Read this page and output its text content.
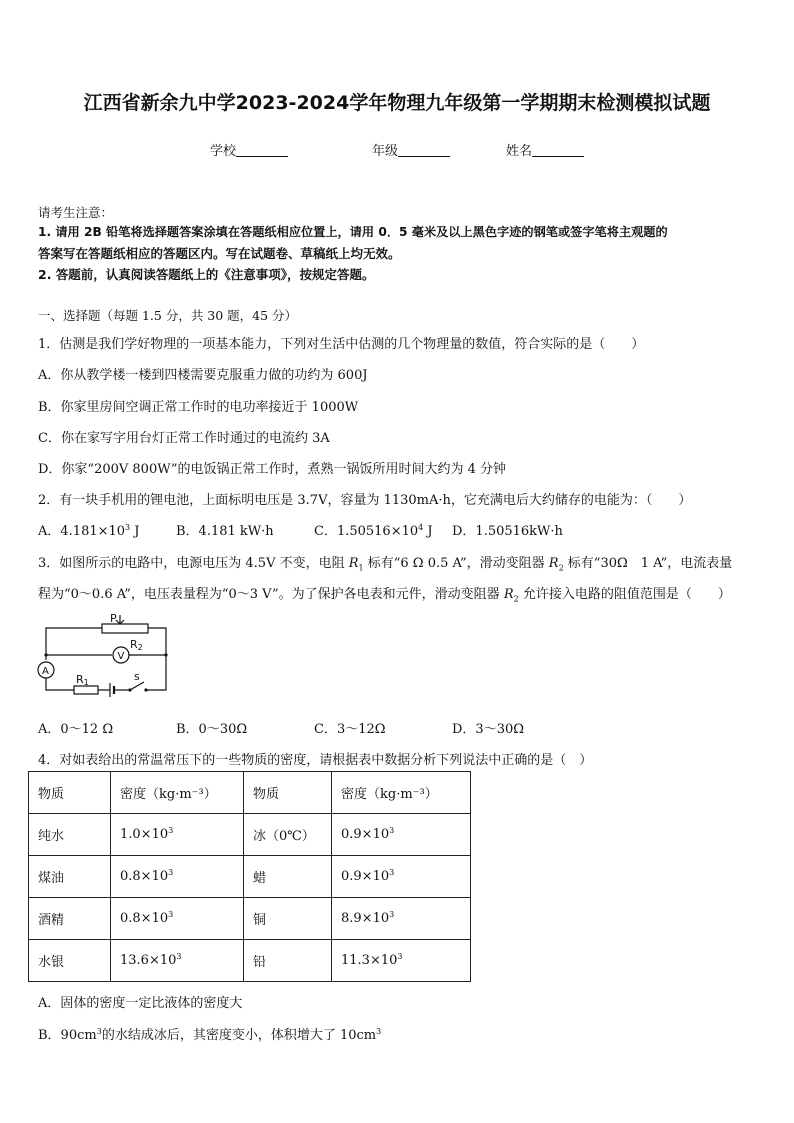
江西省新余九中学2023-2024学年物理九年级第一学期期末检测模拟试题
学校	年级	姓名
请考生注意：
1. 请用 2B 铅笔将选择题答案涂填在答题纸相应位置上，请用 0．5 毫米及以上黑色字迹的钢笔或签字笔将主观题的
答案写在答题纸相应的答题区内。写在试题卷、草稿纸上均无效。
2. 答题前，认真阅读答题纸上的《注意事项》，按规定答题。
一、选择题（每题 1.5 分，共 30 题，45 分）
1．估测是我们学好物理的一项基本能力，下列对生活中估测的几个物理量的数值，符合实际的是（　　）
A．你从教学楼一楼到四楼需要克服重力做的功约为 600J
B．你家里房间空调正常工作时的电功率接近于 1000W
C．你在家写字用台灯正常工作时通过的电流约 3A
D．你家“200V 800W”的电饭锅正常工作时，煮熟一锅饭所用时间大约为 4 分钟
2．有一块手机用的锂电池，上面标明电压是 3.7V，容量为 1130mA·h，它充满电后大约储存的电能为：（　　）
A．$4.181\times 10^3$ J	B．4.181 kW·h	C．$1.50516\times 10^4$ J D．1.50516kW·h
3．如图所示的电路中，电源电压为 4.5V 不变，电阻 $R_1$ 标有“6 Ω 0.5 A”，滑动变阻器 $R_2$ 标有“30Ω　1 A”，电流表量
程为“0～0.6 A”，电压表量程为“0～3 V”。为了保护各电表和元件，滑动变阻器 $R_2$ 允许接入电路的阻值范围是（　　）
P
R2
V
A
R1	s
A．0～12 Ω	B．0～30Ω	C．3～12Ω	D．3～30Ω
4．对如表给出的常温常压下的一些物质的密度，请根据表中数据分析下列说法中正确的是（　）
物质	密度（kg·m⁻³）	物质	密度（kg·m⁻³）
纯水	$1.0\times 10^3$	冰（0℃）	$0.9\times 10^3$
煤油	$0.8\times 10^3$	蜡	$0.9\times 10^3$
酒精	$0.8\times 10^3$	铜	$8.9\times 10^3$
水银	$13.6\times 10^3$	铅	$11.3\times 10^3$
A．固体的密度一定比液体的密度大
B．$90cm^3$的水结成冰后，其密度变小，体积增大了 $10cm^3$
